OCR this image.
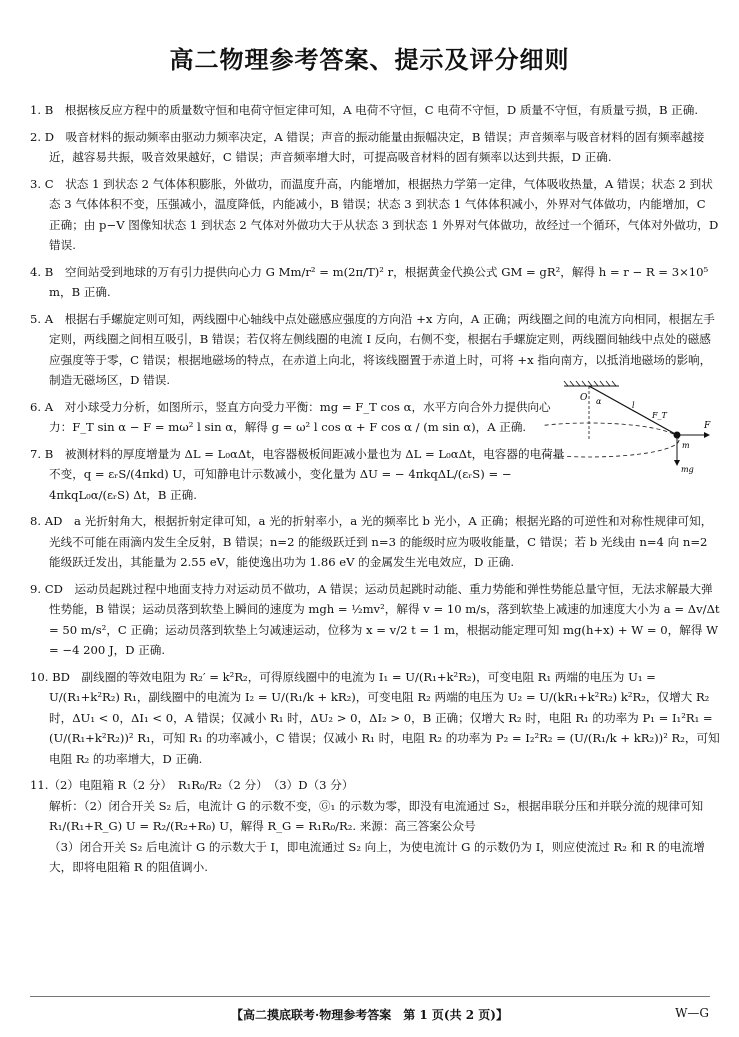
高二物理参考答案、提示及评分细则
1. B　根据核反应方程中的质量数守恒和电荷守恒定律可知，A 电荷不守恒，C 电荷不守恒，D 质量不守恒，有质量亏损，B 正确.
2. D　吸音材料的振动频率由驱动力频率决定，A 错误；声音的振动能量由振幅决定，B 错误；声音频率与吸音材料的固有频率越接近，越容易共振，吸音效果越好，C 错误；声音频率增大时，可提高吸音材料的固有频率以达到共振，D 正确.
3. C　状态 1 到状态 2 气体体积膨胀，外做功，而温度升高，内能增加，根据热力学第一定律，气体吸收热量，A 错误；状态 2 到状态 3 气体体积不变，压强减小，温度降低，内能减小，B 错误；状态 3 到状态 1 气体体积减小，外界对气体做功，内能增加，C 正确；由 p−V 图像知状态 1 到状态 2 气体对外做功大于从状态 3 到状态 1 外界对气体做功，故经过一个循环，气体对外做功，D 错误.
4. B　空间站受到地球的万有引力提供向心力 G Mm/r² = m(2π/T)² r，根据黄金代换公式 GM = gR²，解得 h = r − R = 3×10⁵ m，B 正确.
5. A　根据右手螺旋定则可知，两线圈中心轴线中点处磁感应强度的方向沿 +x 方向，A 正确；两线圈之间的电流方向相同，根据左手定则，两线圈之间相互吸引，B 错误；若仅将左侧线圈的电流 I 反向，右侧不变，根据右手螺旋定则，两线圈间轴线中点处的磁感应强度等于零，C 错误；根据地磁场的特点，在赤道上向北，将该线圈置于赤道上时，可将 +x 指向南方，以抵消地磁场的影响，制造无磁场区，D 错误.
6. A　对小球受力分析，如图所示，竖直方向受力平衡：mg = F_T cos α，水平方向合外力提供向心力：F_T sin α − F = mω² l sin α，解得 g = ω² l cos α + F cos α / (m sin α)，A 正确.
7. B　被测材料的厚度增量为 ΔL = L₀αΔt，电容器极板间距减小量也为 ΔL = L₀αΔt，电容器的电荷量不变，q = εᵣS/(4πkd) U，可知静电计示数减小，变化量为 ΔU = − 4πkqΔL/(εᵣS) = − 4πkqL₀α/(εᵣS) Δt，B 正确.
8. AD　a 光折射角大，根据折射定律可知，a 光的折射率小，a 光的频率比 b 光小，A 正确；根据光路的可逆性和对称性规律可知，光线不可能在雨滴内发生全反射，B 错误；n=2 的能级跃迁到 n=3 的能级时应为吸收能量，C 错误；若 b 光线由 n=4 向 n=2 能级跃迁发出，其能量为 2.55 eV，能使逸出功为 1.86 eV 的金属发生光电效应，D 正确.
9. CD　运动员起跳过程中地面支持力对运动员不做功，A 错误；运动员起跳时动能、重力势能和弹性势能总量守恒，无法求解最大弹性势能，B 错误；运动员落到软垫上瞬间的速度为 mgh = ½mv²，解得 v = 10 m/s，落到软垫上减速的加速度大小为 a = Δv/Δt = 50 m/s²，C 正确；运动员落到软垫上匀减速运动，位移为 x = v/2 t = 1 m，根据动能定理可知 mg(h+x) + W = 0，解得 W = −4 200 J，D 正确.
10. BD　副线圈的等效电阻为 R₂′ = k²R₂，可得原线圈中的电流为 I₁ = U/(R₁+k²R₂)，可变电阻 R₁ 两端的电压为 U₁ = U/(R₁+k²R₂) R₁，副线圈中的电流为 I₂ = U/(R₁/k + kR₂)，可变电阻 R₂ 两端的电压为 U₂ = U/(kR₁+k²R₂) k²R₂，仅增大 R₂ 时，ΔU₁ < 0，ΔI₁ < 0，A 错误；仅减小 R₁ 时，ΔU₂ > 0，ΔI₂ > 0，B 正确；仅增大 R₂ 时，电阻 R₁ 的功率为 P₁ = I₁²R₁ = (U/(R₁+k²R₂))² R₁，可知 R₁ 的功率减小，C 错误；仅减小 R₁ 时，电阻 R₂ 的功率为 P₂ = I₂²R₂ = (U/(R₁/k + kR₂))² R₂，可知电阻 R₂ 的功率增大，D 正确.
11.（2）电阻箱 R（2 分）　R₁R₀/R₂（2 分）　（3）D（3 分）
解析：（2）闭合开关 S₂ 后，电流计 G 的示数不变，Ⓖ₁ 的示数为零，即没有电流通过 S₂，根据串联分压和并联分流的规律可知 R₁/(R₁+R_G) U = R₂/(R₂+R₀) U，解得 R_G = R₁R₀/R₂. 来源：高三答案公众号
（3）闭合开关 S₂ 后电流计 G 的示数大于 I，即电流通过 S₂ 向上，为使电流计 G 的示数仍为 I，则应使流过 R₂ 和 R 的电流增大，即将电阻箱 R 的阻值调小.
O α	l
F_T
m
F
mg
【高二摸底联考·物理参考答案　第 1 页(共 2 页)】	W—G
